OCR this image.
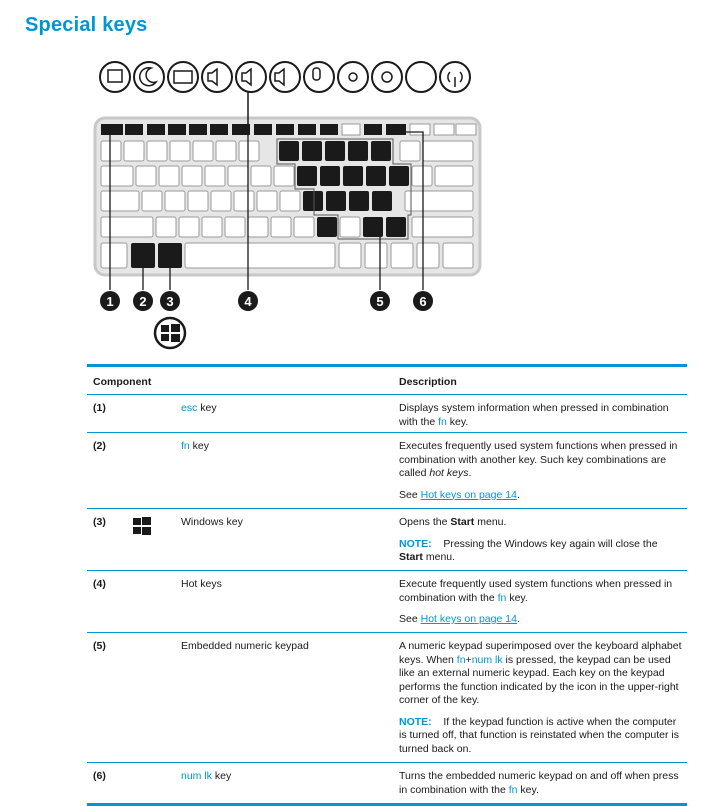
Special keys
1 2 3	4	5	6
Component	Description
(1)	esc key	Displays system information when pressed in combination with the fn key.
(2)	fn key	Executes frequently used system functions when pressed in combination with another key. Such key combinations are called hot keys.
See Hot keys on page 14.
(3)	Windows key	Opens the Start menu.
NOTE: Pressing the Windows key again will close the Start menu.
(4)	Hot keys	Execute frequently used system functions when pressed in combination with the fn key.
See Hot keys on page 14.
(5)	Embedded numeric keypad	A numeric keypad superimposed over the keyboard alphabet keys. When fn+num lk is pressed, the keypad can be used like an external numeric keypad. Each key on the keypad performs the function indicated by the icon in the upper-right corner of the key.
NOTE: If the keypad function is active when the computer is turned off, that function is reinstated when the computer is turned back on.
(6)	num lk key	Turns the embedded numeric keypad on and off when press in combination with the fn key.
